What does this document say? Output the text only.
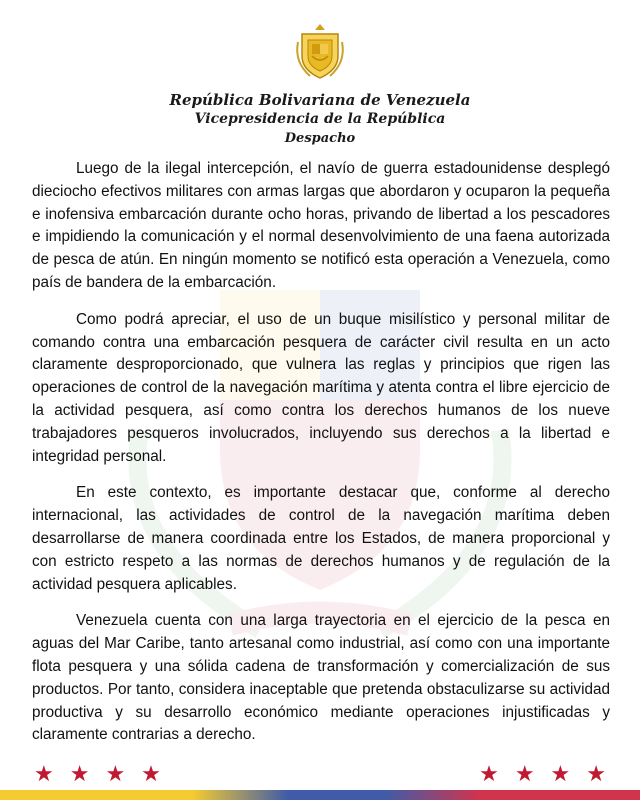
República Bolivariana de Venezuela
Vicepresidencia de la República
Despacho

Luego de la ilegal intercepción, el navío de guerra estadounidense desplegó dieciocho efectivos militares con armas largas que abordaron y ocuparon la pequeña e inofensiva embarcación durante ocho horas, privando de libertad a los pescadores e impidiendo la comunicación y el normal desenvolvimiento de una faena autorizada de pesca de atún. En ningún momento se notificó esta operación a Venezuela, como país de bandera de la embarcación.

Como podrá apreciar, el uso de un buque misilístico y personal militar de comando contra una embarcación pesquera de carácter civil resulta en un acto claramente desproporcionado, que vulnera las reglas y principios que rigen las operaciones de control de la navegación marítima y atenta contra el libre ejercicio de la actividad pesquera, así como contra los derechos humanos de los nueve trabajadores pesqueros involucrados, incluyendo sus derechos a la libertad e integridad personal.

En este contexto, es importante destacar que, conforme al derecho internacional, las actividades de control de la navegación marítima deben desarrollarse de manera coordinada entre los Estados, de manera proporcional y con estricto respeto a las normas de derechos humanos y de regulación de la actividad pesquera aplicables.

Venezuela cuenta con una larga trayectoria en el ejercicio de la pesca en aguas del Mar Caribe, tanto artesanal como industrial, así como con una importante flota pesquera y una sólida cadena de transformación y comercialización de sus productos. Por tanto, considera inaceptable que pretenda obstaculizarse su actividad productiva y su desarrollo económico mediante operaciones injustificadas y claramente contrarias a derecho.

★★★★	★★★★
